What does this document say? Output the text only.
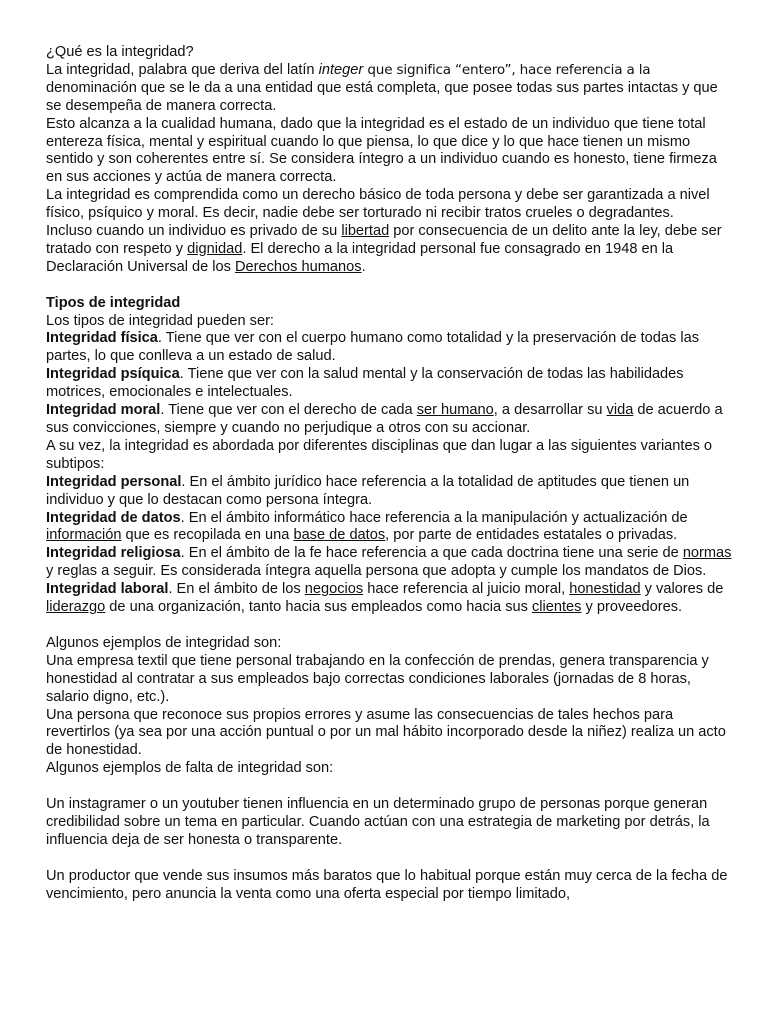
¿Qué es la integridad?

La integridad, palabra que deriva del latín integer que significa “entero”, hace referencia a la
denominación que se le da a una entidad que está completa, que posee todas sus partes intactas y que se desempeña de manera correcta.

Esto alcanza a la cualidad humana, dado que la integridad es el estado de un individuo que tiene total entereza física, mental y espiritual cuando lo que piensa, lo que dice y lo que hace tienen un mismo sentido y son coherentes entre sí. Se considera íntegro a un individuo cuando es honesto, tiene firmeza en sus acciones y actúa de manera correcta.

La integridad es comprendida como un derecho básico de toda persona y debe ser garantizada a nivel físico, psíquico y moral. Es decir, nadie debe ser torturado ni recibir tratos crueles o degradantes.

Incluso cuando un individuo es privado de su libertad por consecuencia de un delito ante la ley, debe ser tratado con respeto y dignidad. El derecho a la integridad personal fue consagrado en 1948 en la Declaración Universal de los Derechos humanos.

Tipos de integridad

Los tipos de integridad pueden ser:

Integridad física. Tiene que ver con el cuerpo humano como totalidad y la preservación de todas las partes, lo que conlleva a un estado de salud.

Integridad psíquica. Tiene que ver con la salud mental y la conservación de todas las habilidades motrices, emocionales e intelectuales.

Integridad moral. Tiene que ver con el derecho de cada ser humano, a desarrollar su vida de acuerdo a sus convicciones, siempre y cuando no perjudique a otros con su accionar.

A su vez, la integridad es abordada por diferentes disciplinas que dan lugar a las siguientes variantes o subtipos:

Integridad personal. En el ámbito jurídico hace referencia a la totalidad de aptitudes que tienen un individuo y que lo destacan como persona íntegra.

Integridad de datos. En el ámbito informático hace referencia a la manipulación y actualización de información que es recopilada en una base de datos, por parte de entidades estatales o privadas.

Integridad religiosa. En el ámbito de la fe hace referencia a que cada doctrina tiene una serie de normas y reglas a seguir. Es considerada íntegra aquella persona que adopta y cumple los mandatos de Dios.

Integridad laboral. En el ámbito de los negocios hace referencia al juicio moral, honestidad y valores de liderazgo de una organización, tanto hacia sus empleados como hacia sus clientes y proveedores.

Algunos ejemplos de integridad son:

Una empresa textil que tiene personal trabajando en la confección de prendas, genera transparencia y honestidad al contratar a sus empleados bajo correctas condiciones laborales (jornadas de 8 horas, salario digno, etc.).

Una persona que reconoce sus propios errores y asume las consecuencias de tales hechos para revertirlos (ya sea por una acción puntual o por un mal hábito incorporado desde la niñez) realiza un acto de honestidad.

Algunos ejemplos de falta de integridad son:

Un instagramer o un youtuber tienen influencia en un determinado grupo de personas porque generan credibilidad sobre un tema en particular. Cuando actúan con una estrategia de marketing por detrás, la influencia deja de ser honesta o transparente.

Un productor que vende sus insumos más baratos que lo habitual porque están muy cerca de la fecha de vencimiento, pero anuncia la venta como una oferta especial por tiempo limitado,
